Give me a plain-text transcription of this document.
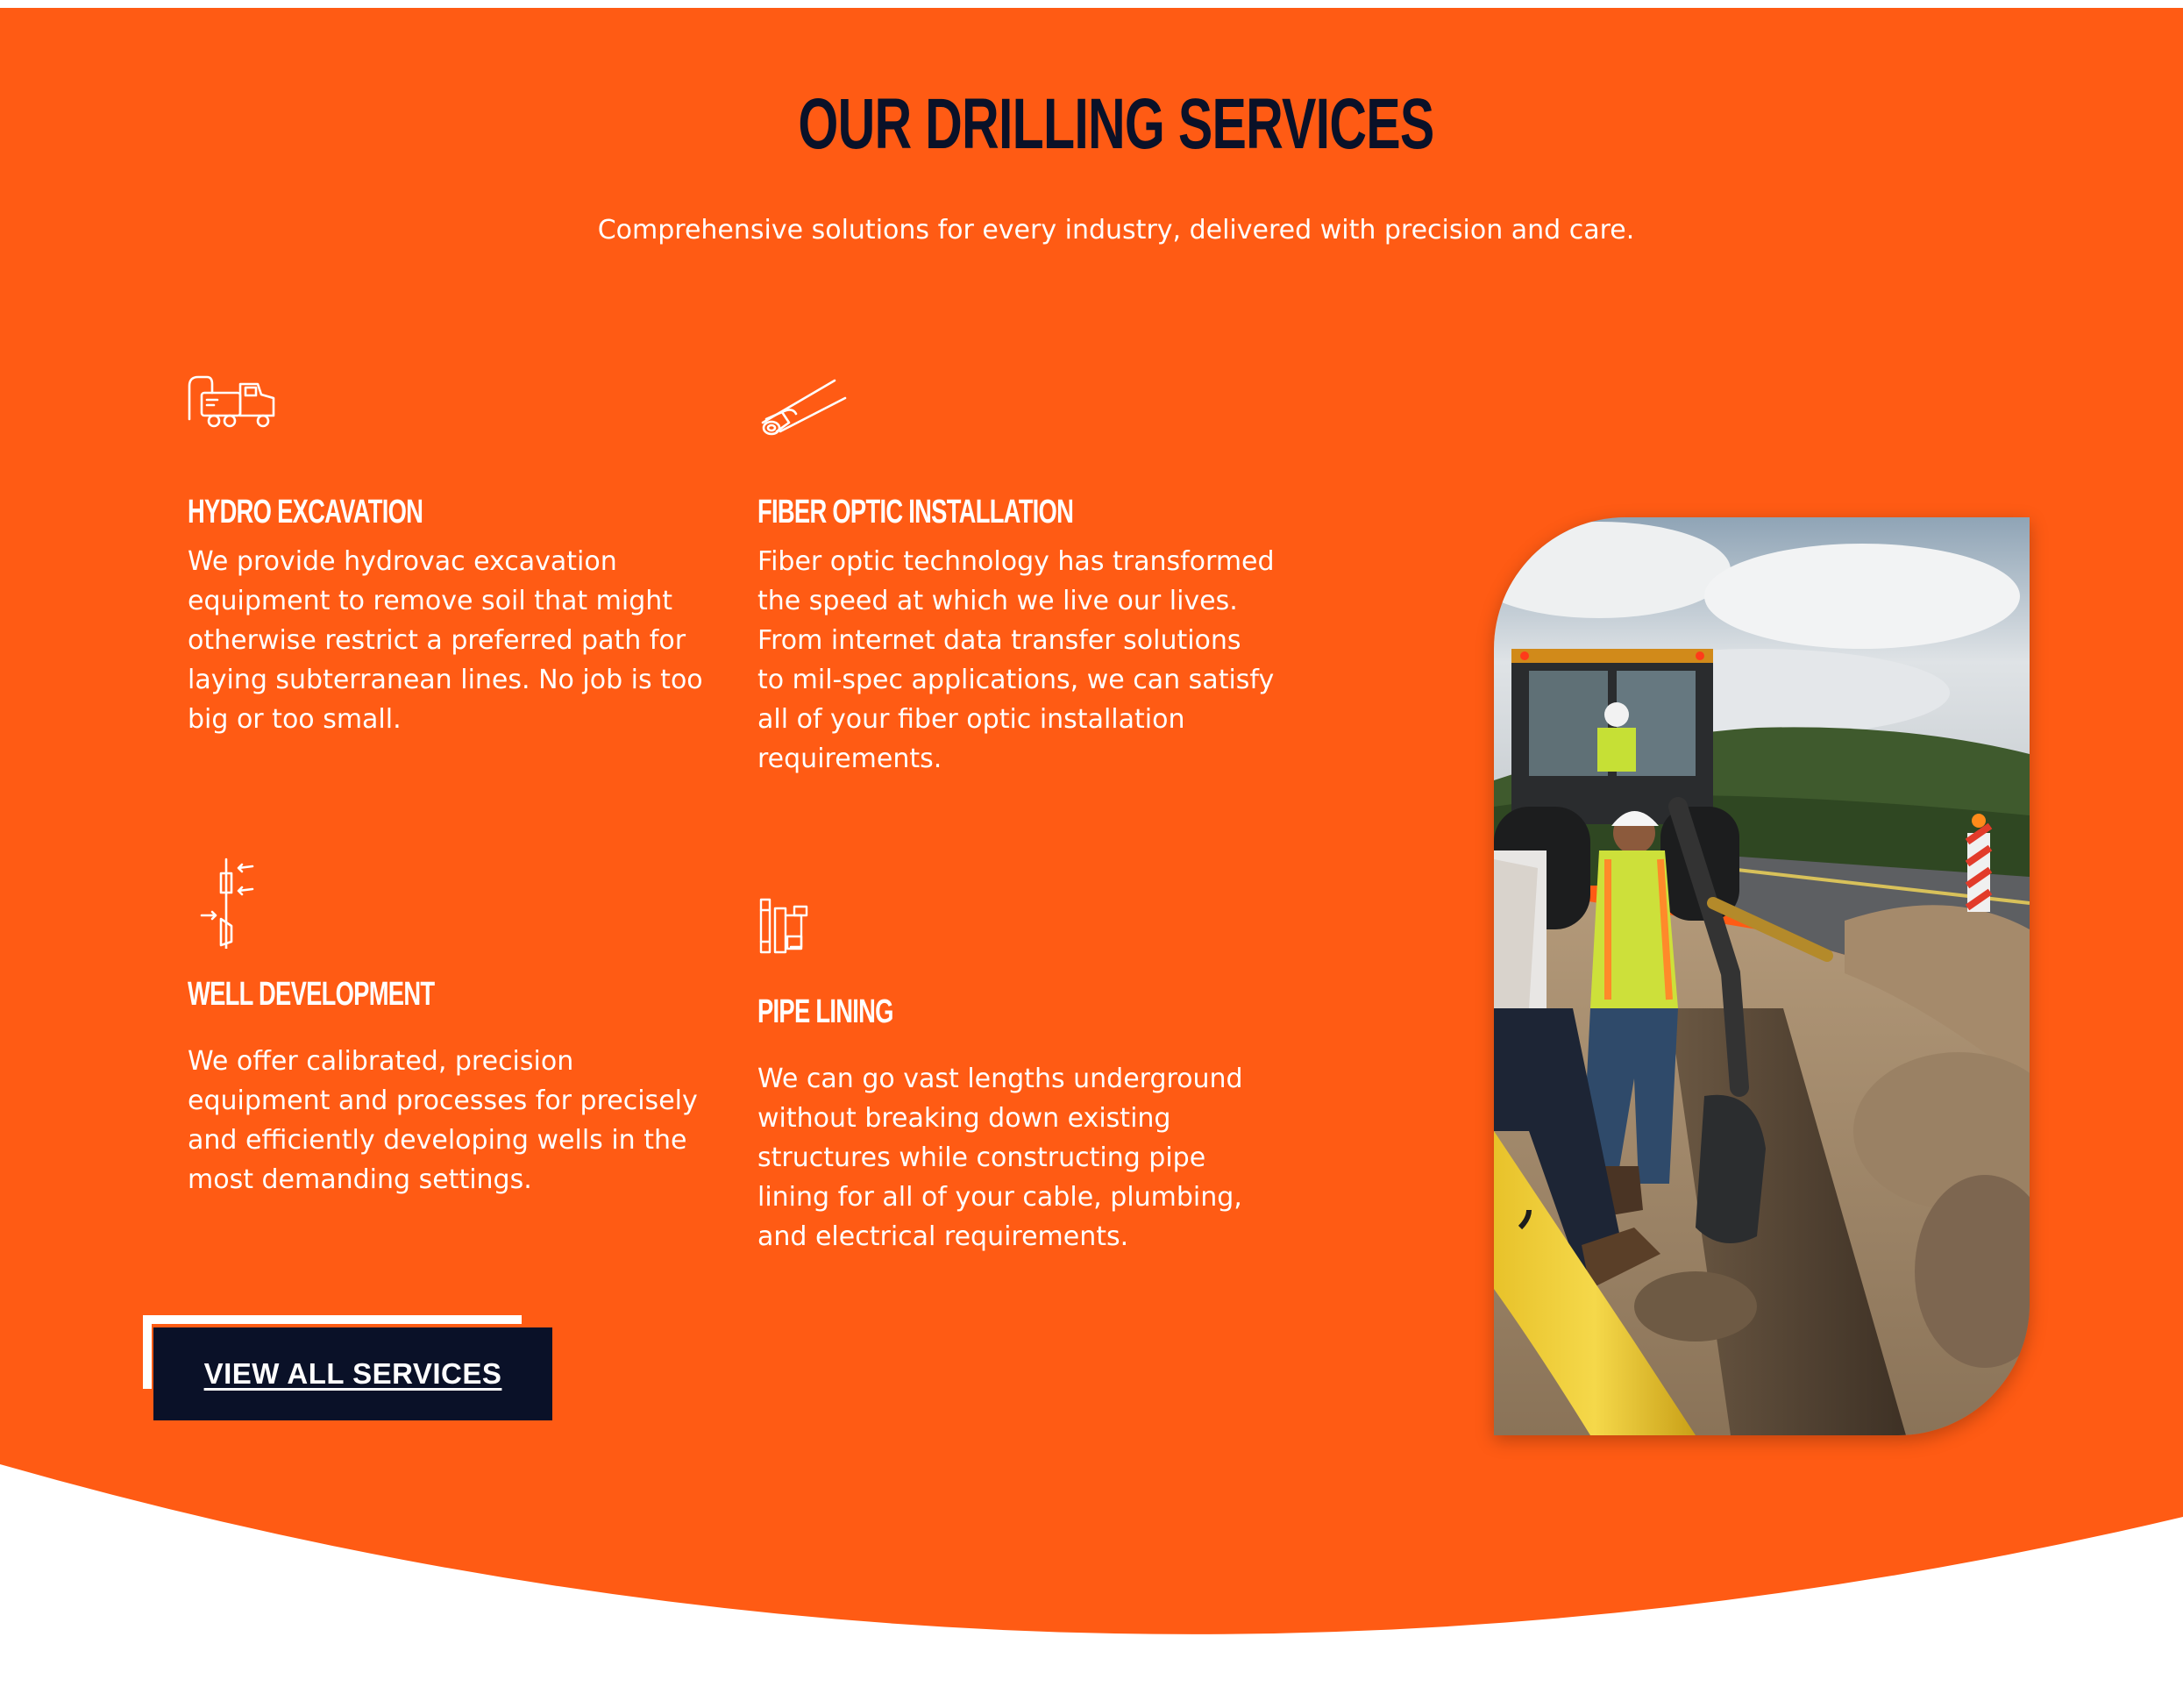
OUR DRILLING SERVICES

Comprehensive solutions for every industry, delivered with precision and care.

HYDRO EXCAVATION

We provide hydrovac excavation equipment to remove soil that might otherwise restrict a preferred path for laying subterranean lines. No job is too big or too small.

FIBER OPTIC INSTALLATION

Fiber optic technology has transformed the speed at which we live our lives. From internet data transfer solutions to mil-spec applications, we can satisfy all of your fiber optic installation requirements.

WELL DEVELOPMENT

We offer calibrated, precision equipment and processes for precisely and efficiently developing wells in the most demanding settings.

PIPE LINING

We can go vast lengths underground without breaking down existing structures while constructing pipe lining for all of your cable, plumbing, and electrical requirements.

VIEW ALL SERVICES
